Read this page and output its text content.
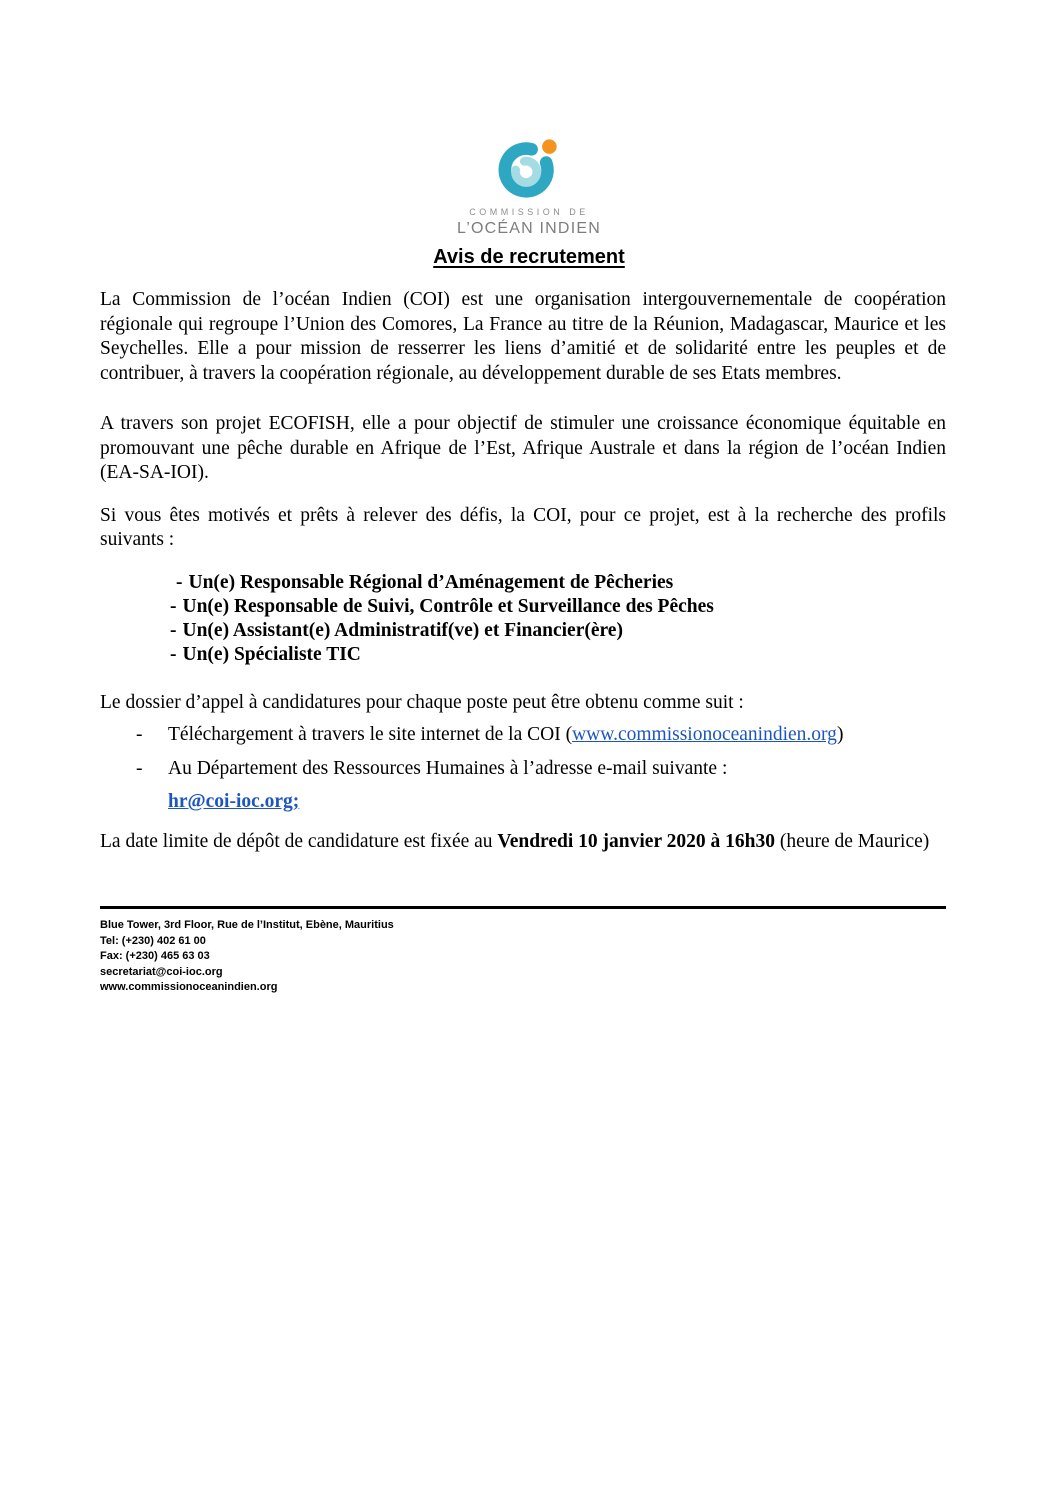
COMMISSION DE
L’OCÉAN INDIEN
Avis de recrutement

La Commission de l’océan Indien (COI) est une organisation intergouvernementale de coopération régionale qui regroupe l’Union des Comores, La France au titre de la Réunion, Madagascar, Maurice et les Seychelles. Elle a pour mission de resserrer les liens d’amitié et de solidarité entre les peuples et de contribuer, à travers la coopération régionale, au développement durable de ses Etats membres.

A travers son projet ECOFISH, elle a pour objectif de stimuler une croissance économique équitable en promouvant une pêche durable en Afrique de l’Est, Afrique Australe et dans la région de l’océan Indien (EA-SA-IOI).

Si vous êtes motivés et prêts à relever des défis, la COI, pour ce projet, est à la recherche des profils suivants :

- Un(e) Responsable Régional d’Aménagement de Pêcheries
- Un(e) Responsable de Suivi, Contrôle et Surveillance des Pêches
- Un(e) Assistant(e) Administratif(ve) et Financier(ère)
- Un(e) Spécialiste TIC

Le dossier d’appel à candidatures pour chaque poste peut être obtenu comme suit :

- Téléchargement à travers le site internet de la COI (www.commissionoceanindien.org)
- Au Département des Ressources Humaines à l’adresse e-mail suivante :

hr@coi-ioc.org;

La date limite de dépôt de candidature est fixée au Vendredi 10 janvier 2020 à 16h30 (heure de Maurice)

Blue Tower, 3rd Floor, Rue de l’Institut, Ebène, Mauritius
Tel: (+230) 402 61 00
Fax: (+230) 465 63 03
secretariat@coi-ioc.org
www.commissionoceanindien.org
